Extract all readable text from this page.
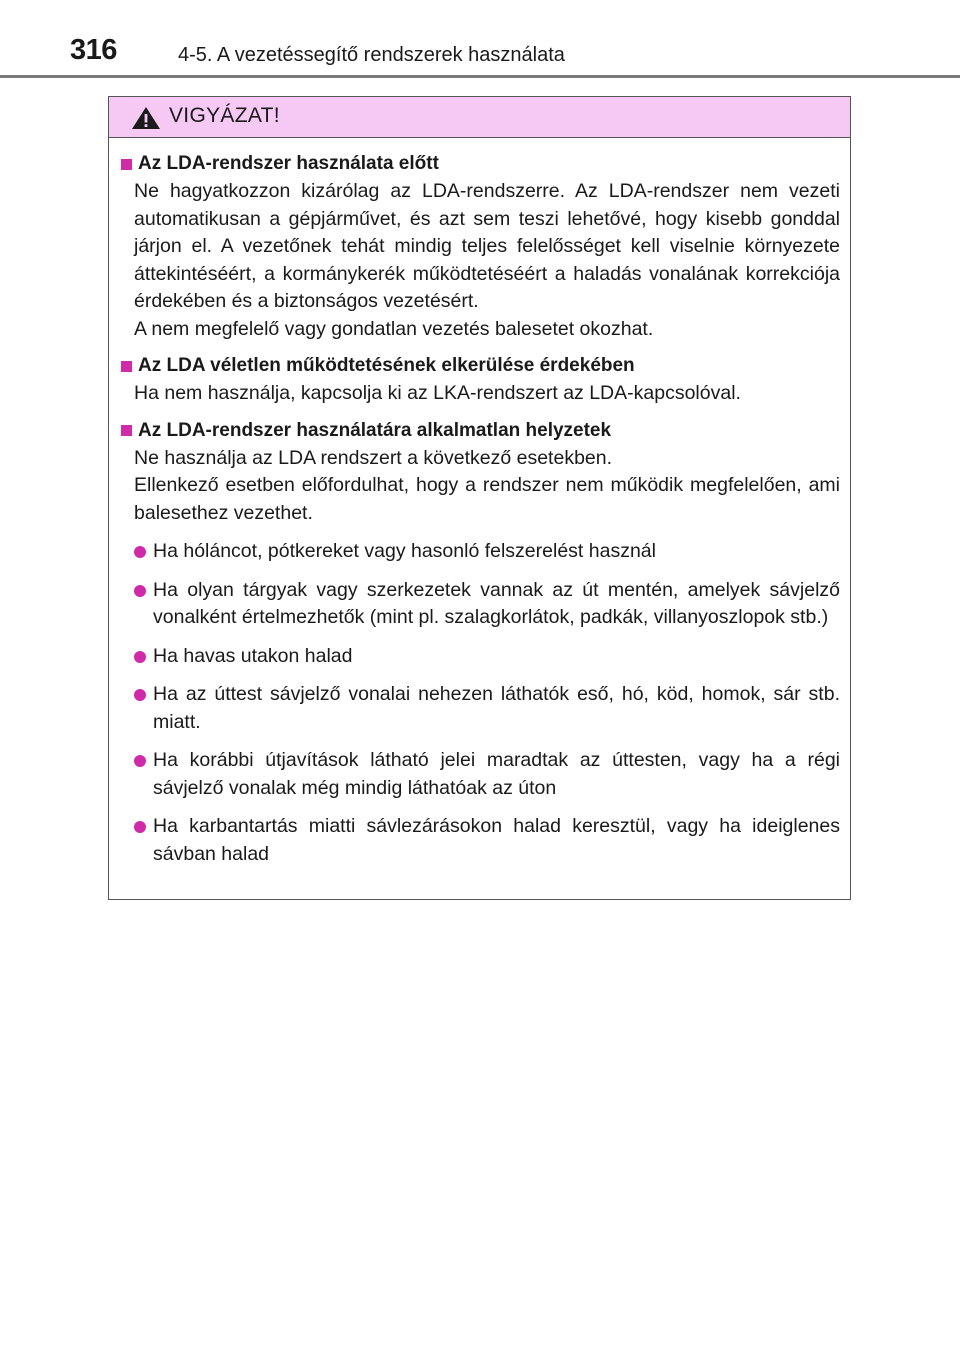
316	4-5. A vezetéssegítő rendszerek használata
VIGYÁZAT!
Az LDA-rendszer használata előtt
Ne hagyatkozzon kizárólag az LDA-rendszerre. Az LDA-rendszer nem vezeti automatikusan a gépjárművet, és azt sem teszi lehetővé, hogy kisebb gonddal járjon el. A vezetőnek tehát mindig teljes felelősséget kell viselnie környezete áttekintéséért, a kormánykerék működtetéséért a haladás vonalának korrekciója érdekében és a biztonságos vezetésért.
A nem megfelelő vagy gondatlan vezetés balesetet okozhat.
Az LDA véletlen működtetésének elkerülése érdekében
Ha nem használja, kapcsolja ki az LKA-rendszert az LDA-kapcsolóval.
Az LDA-rendszer használatára alkalmatlan helyzetek
Ne használja az LDA rendszert a következő esetekben.
Ellenkező esetben előfordulhat, hogy a rendszer nem működik megfelelően, ami balesethez vezethet.
Ha hóláncot, pótkereket vagy hasonló felszerelést használ
Ha olyan tárgyak vagy szerkezetek vannak az út mentén, amelyek sávjelző vonalként értelmezhetők (mint pl. szalagkorlátok, padkák, villanyoszlopok stb.)
Ha havas utakon halad
Ha az úttest sávjelző vonalai nehezen láthatók eső, hó, köd, homok, sár stb. miatt.
Ha korábbi útjavítások látható jelei maradtak az úttesten, vagy ha a régi sávjelző vonalak még mindig láthatóak az úton
Ha karbantartás miatti sávlezárásokon halad keresztül, vagy ha ideiglenes sávban halad
